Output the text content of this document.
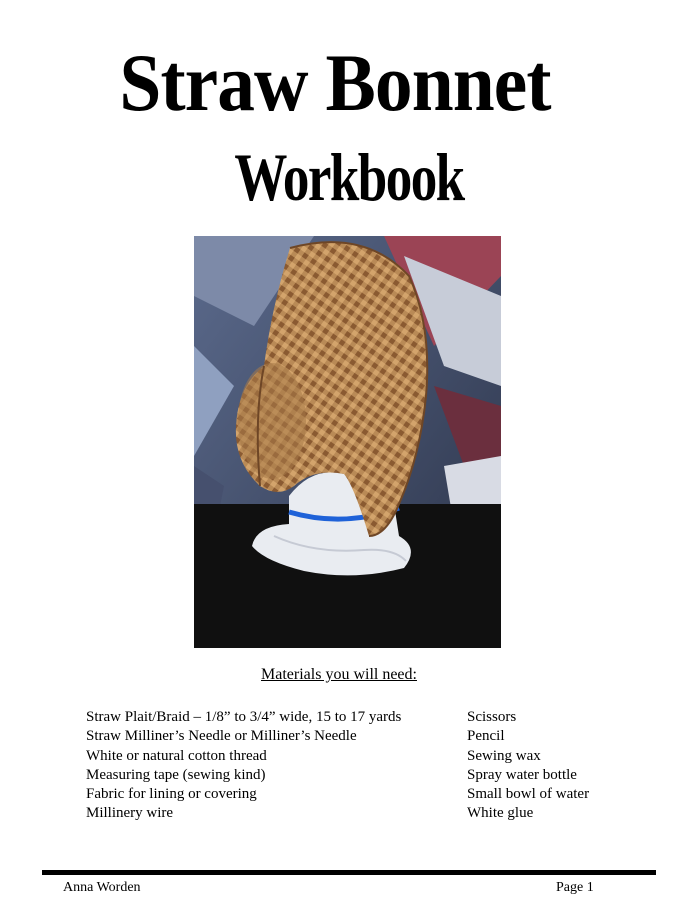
Straw Bonnet
Workbook
Materials you will need:
Straw Plait/Braid – 1/8” to 3/4” wide, 15 to 17 yards
Straw Milliner’s Needle or Milliner’s Needle
White or natural cotton thread
Measuring tape (sewing kind)
Fabric for lining or covering
Millinery wire
Scissors
Pencil
Sewing wax
Spray water bottle
Small bowl of water
White glue
Anna Worden	Page 1
